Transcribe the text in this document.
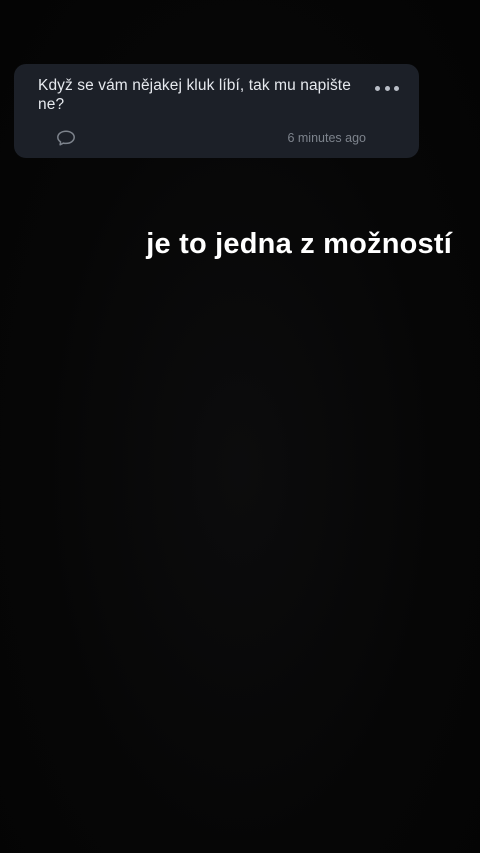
Když se vám nějakej kluk líbí, tak mu napište ne?
6 minutes ago
je to jedna z možností
